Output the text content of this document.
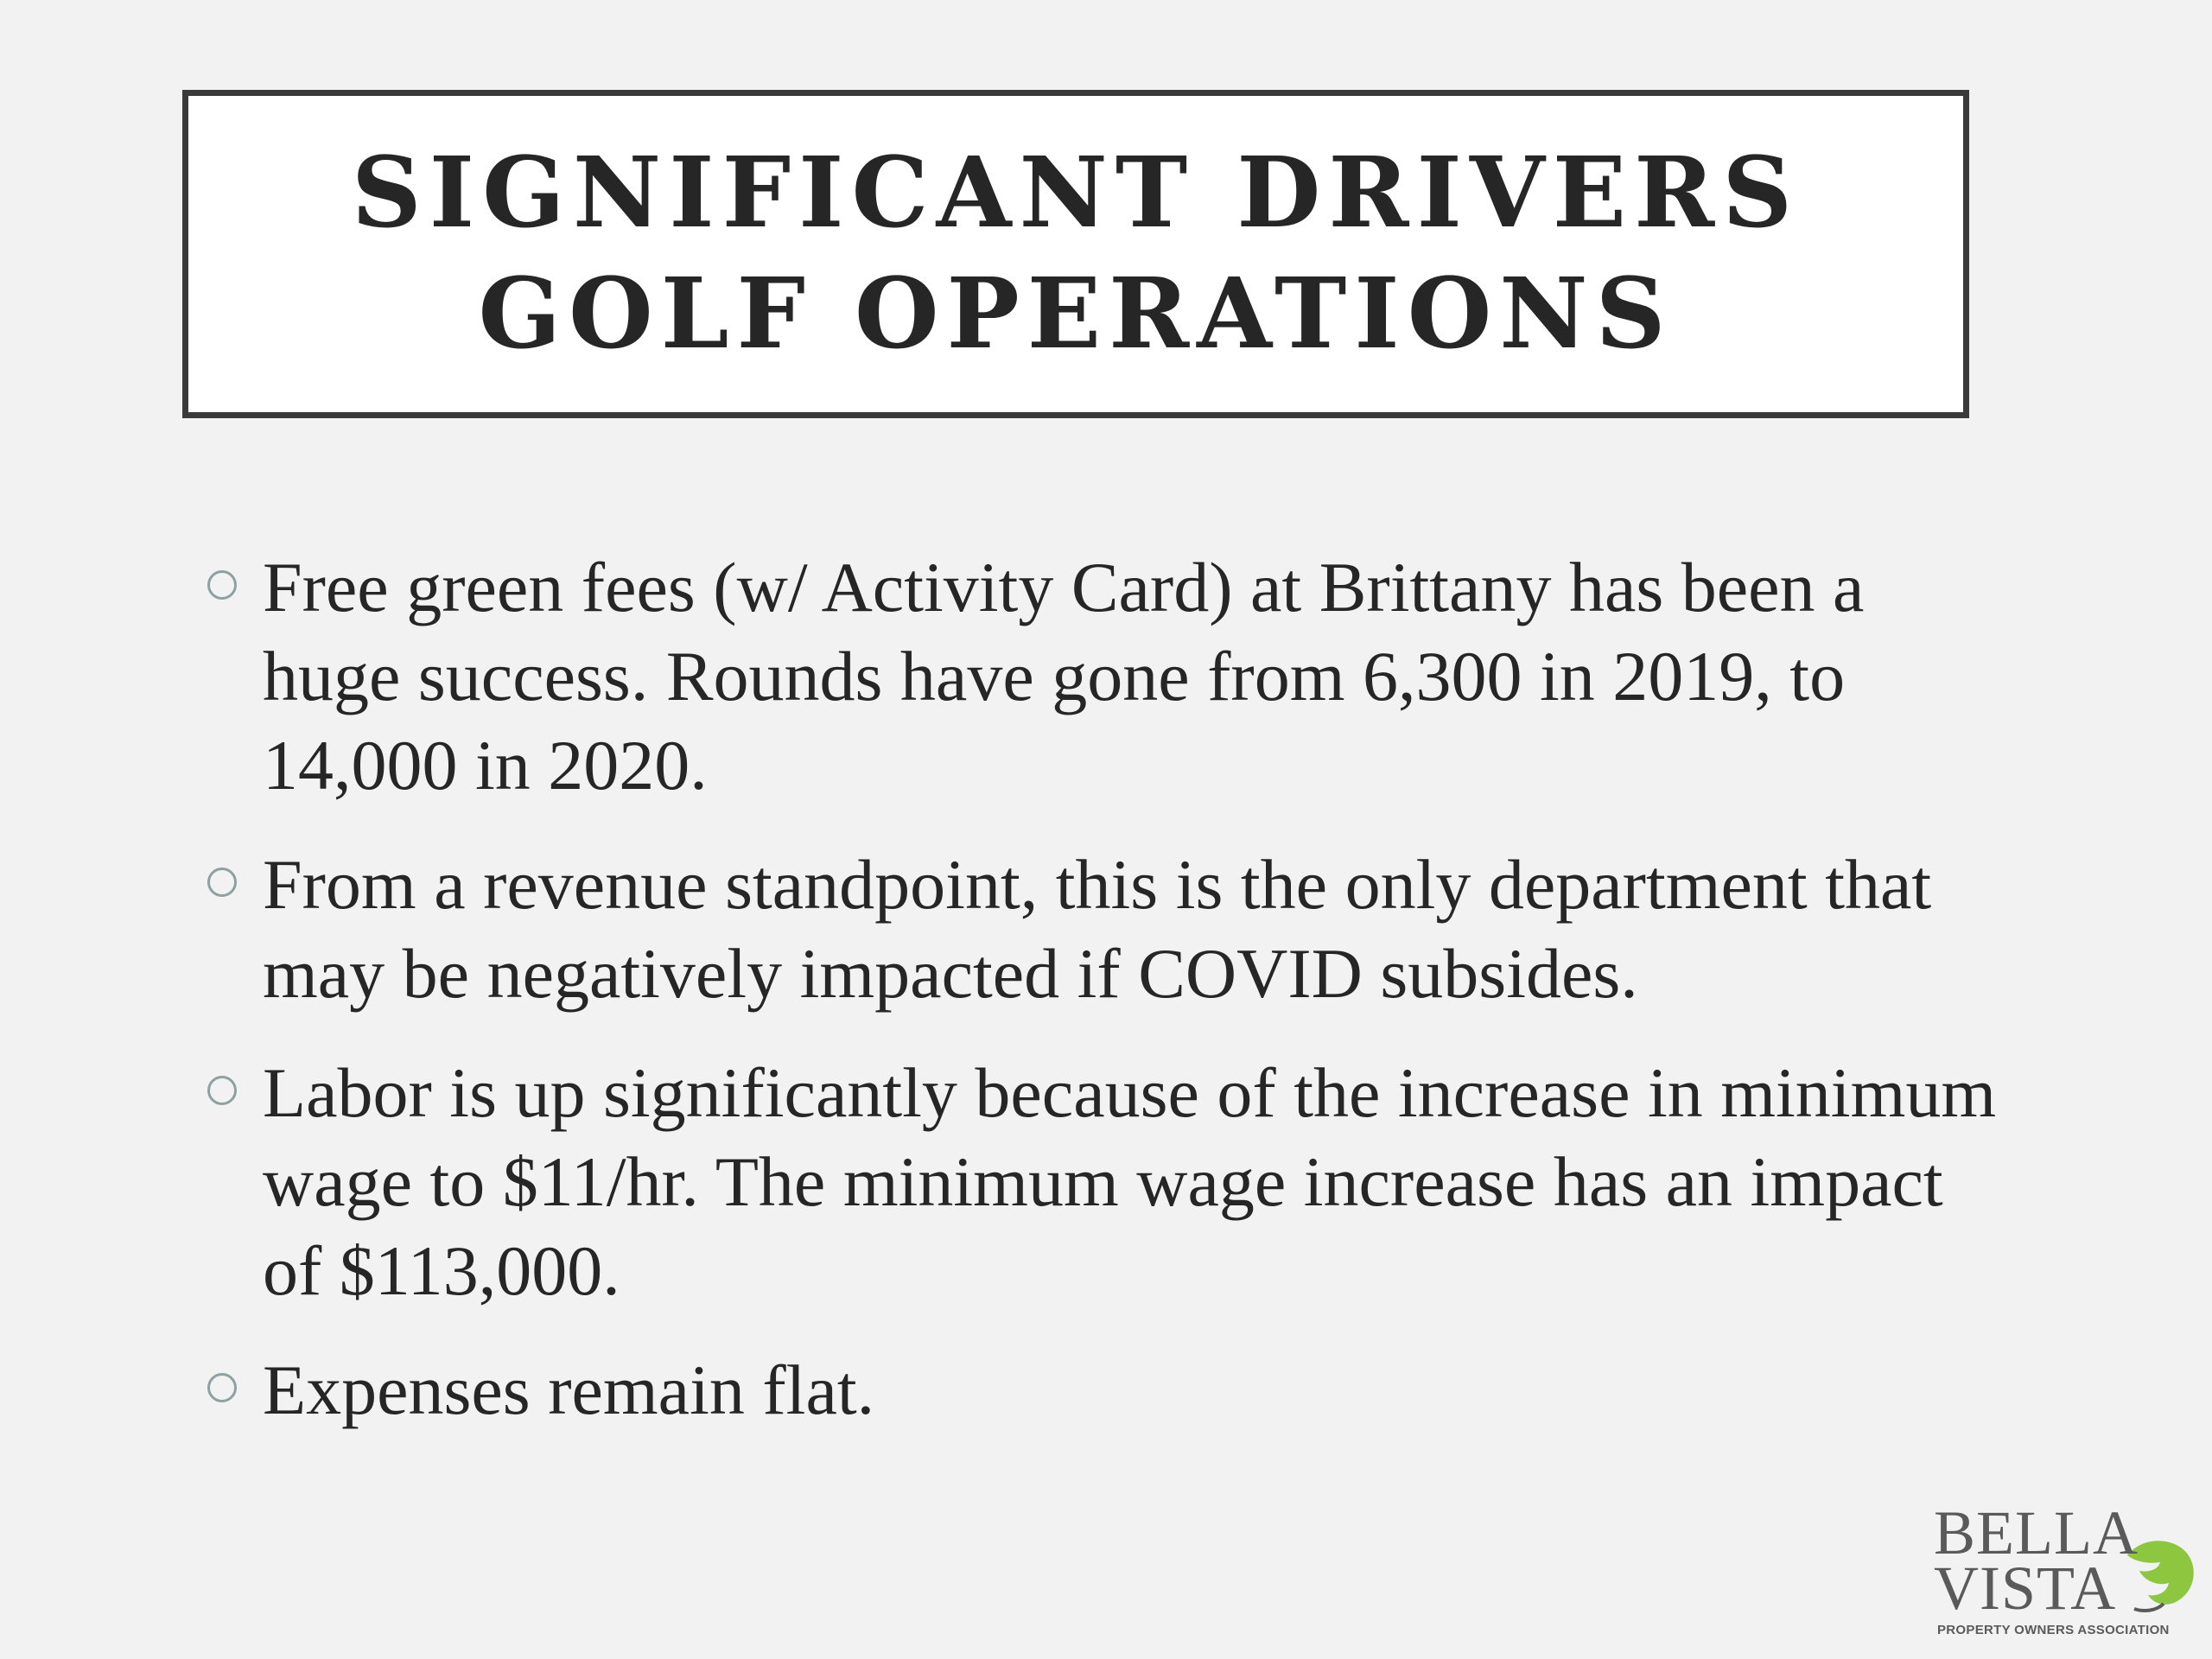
SIGNIFICANT DRIVERS
GOLF OPERATIONS
Free green fees (w/ Activity Card) at Brittany has been a huge success. Rounds have gone from 6,300 in 2019, to 14,000 in 2020.
From a revenue standpoint, this is the only department that may be negatively impacted if COVID subsides.
Labor is up significantly because of the increase in minimum wage to $11/hr. The minimum wage increase has an impact of $113,000.
Expenses remain flat.
BELLA
VISTA
PROPERTY OWNERS ASSOCIATION
